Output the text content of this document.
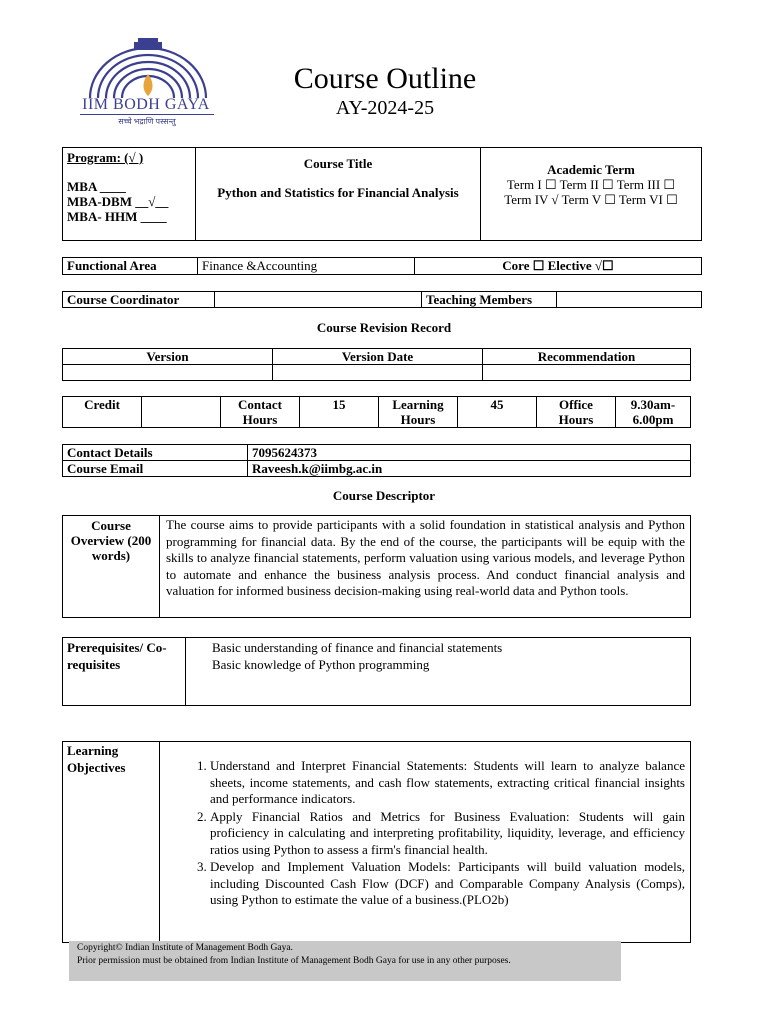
IIM BODH GAYA
सच्चे भद्राणि पस्सन्तु
Course Outline
AY-2024-25
Program: (√ )
MBA ____
MBA-DBM __√__
MBA- HHM ____

Course Title
Python and Statistics for Financial Analysis

Academic Term
Term I ☐ Term II ☐ Term III ☐
Term IV √ Term V ☐ Term VI ☐
Functional Area	Finance &Accounting	Core ☐ Elective √☐
Course Coordinator		Teaching Members	
Course Revision Record
Version	Version Date	Recommendation

Credit		Contact Hours	15	Learning Hours	45	Office Hours	9.30am-6.00pm
Contact Details	7095624373
Course Email	Raveesh.k@iimbg.ac.in
Course Descriptor
Course Overview (200 words)	The course aims to provide participants with a solid foundation in statistical analysis and Python programming for financial data. By the end of the course, the participants will be equip with the skills to analyze financial statements, perform valuation using various models, and leverage Python to automate and enhance the business analysis process. And conduct financial analysis and valuation for informed business decision-making using real-world data and Python tools.
Prerequisites/ Co-requisites	
Basic understanding of finance and financial statements
Basic knowledge of Python programming
Learning Objectives	
1.Understand and Interpret Financial Statements: Students will learn to analyze balance sheets, income statements, and cash flow statements, extracting critical financial insights and performance indicators.
2. Apply Financial Ratios and Metrics for Business Evaluation: Students will gain proficiency in calculating and interpreting profitability, liquidity, leverage, and efficiency ratios using Python to assess a firm's financial health.
3. Develop and Implement Valuation Models: Participants will build valuation models, including Discounted Cash Flow (DCF) and Comparable Company Analysis (Comps), using Python to estimate the value of a business.(PLO2b)
Copyright© Indian Institute of Management Bodh Gaya.
Prior permission must be obtained from Indian Institute of Management Bodh Gaya for use in any other purposes.
